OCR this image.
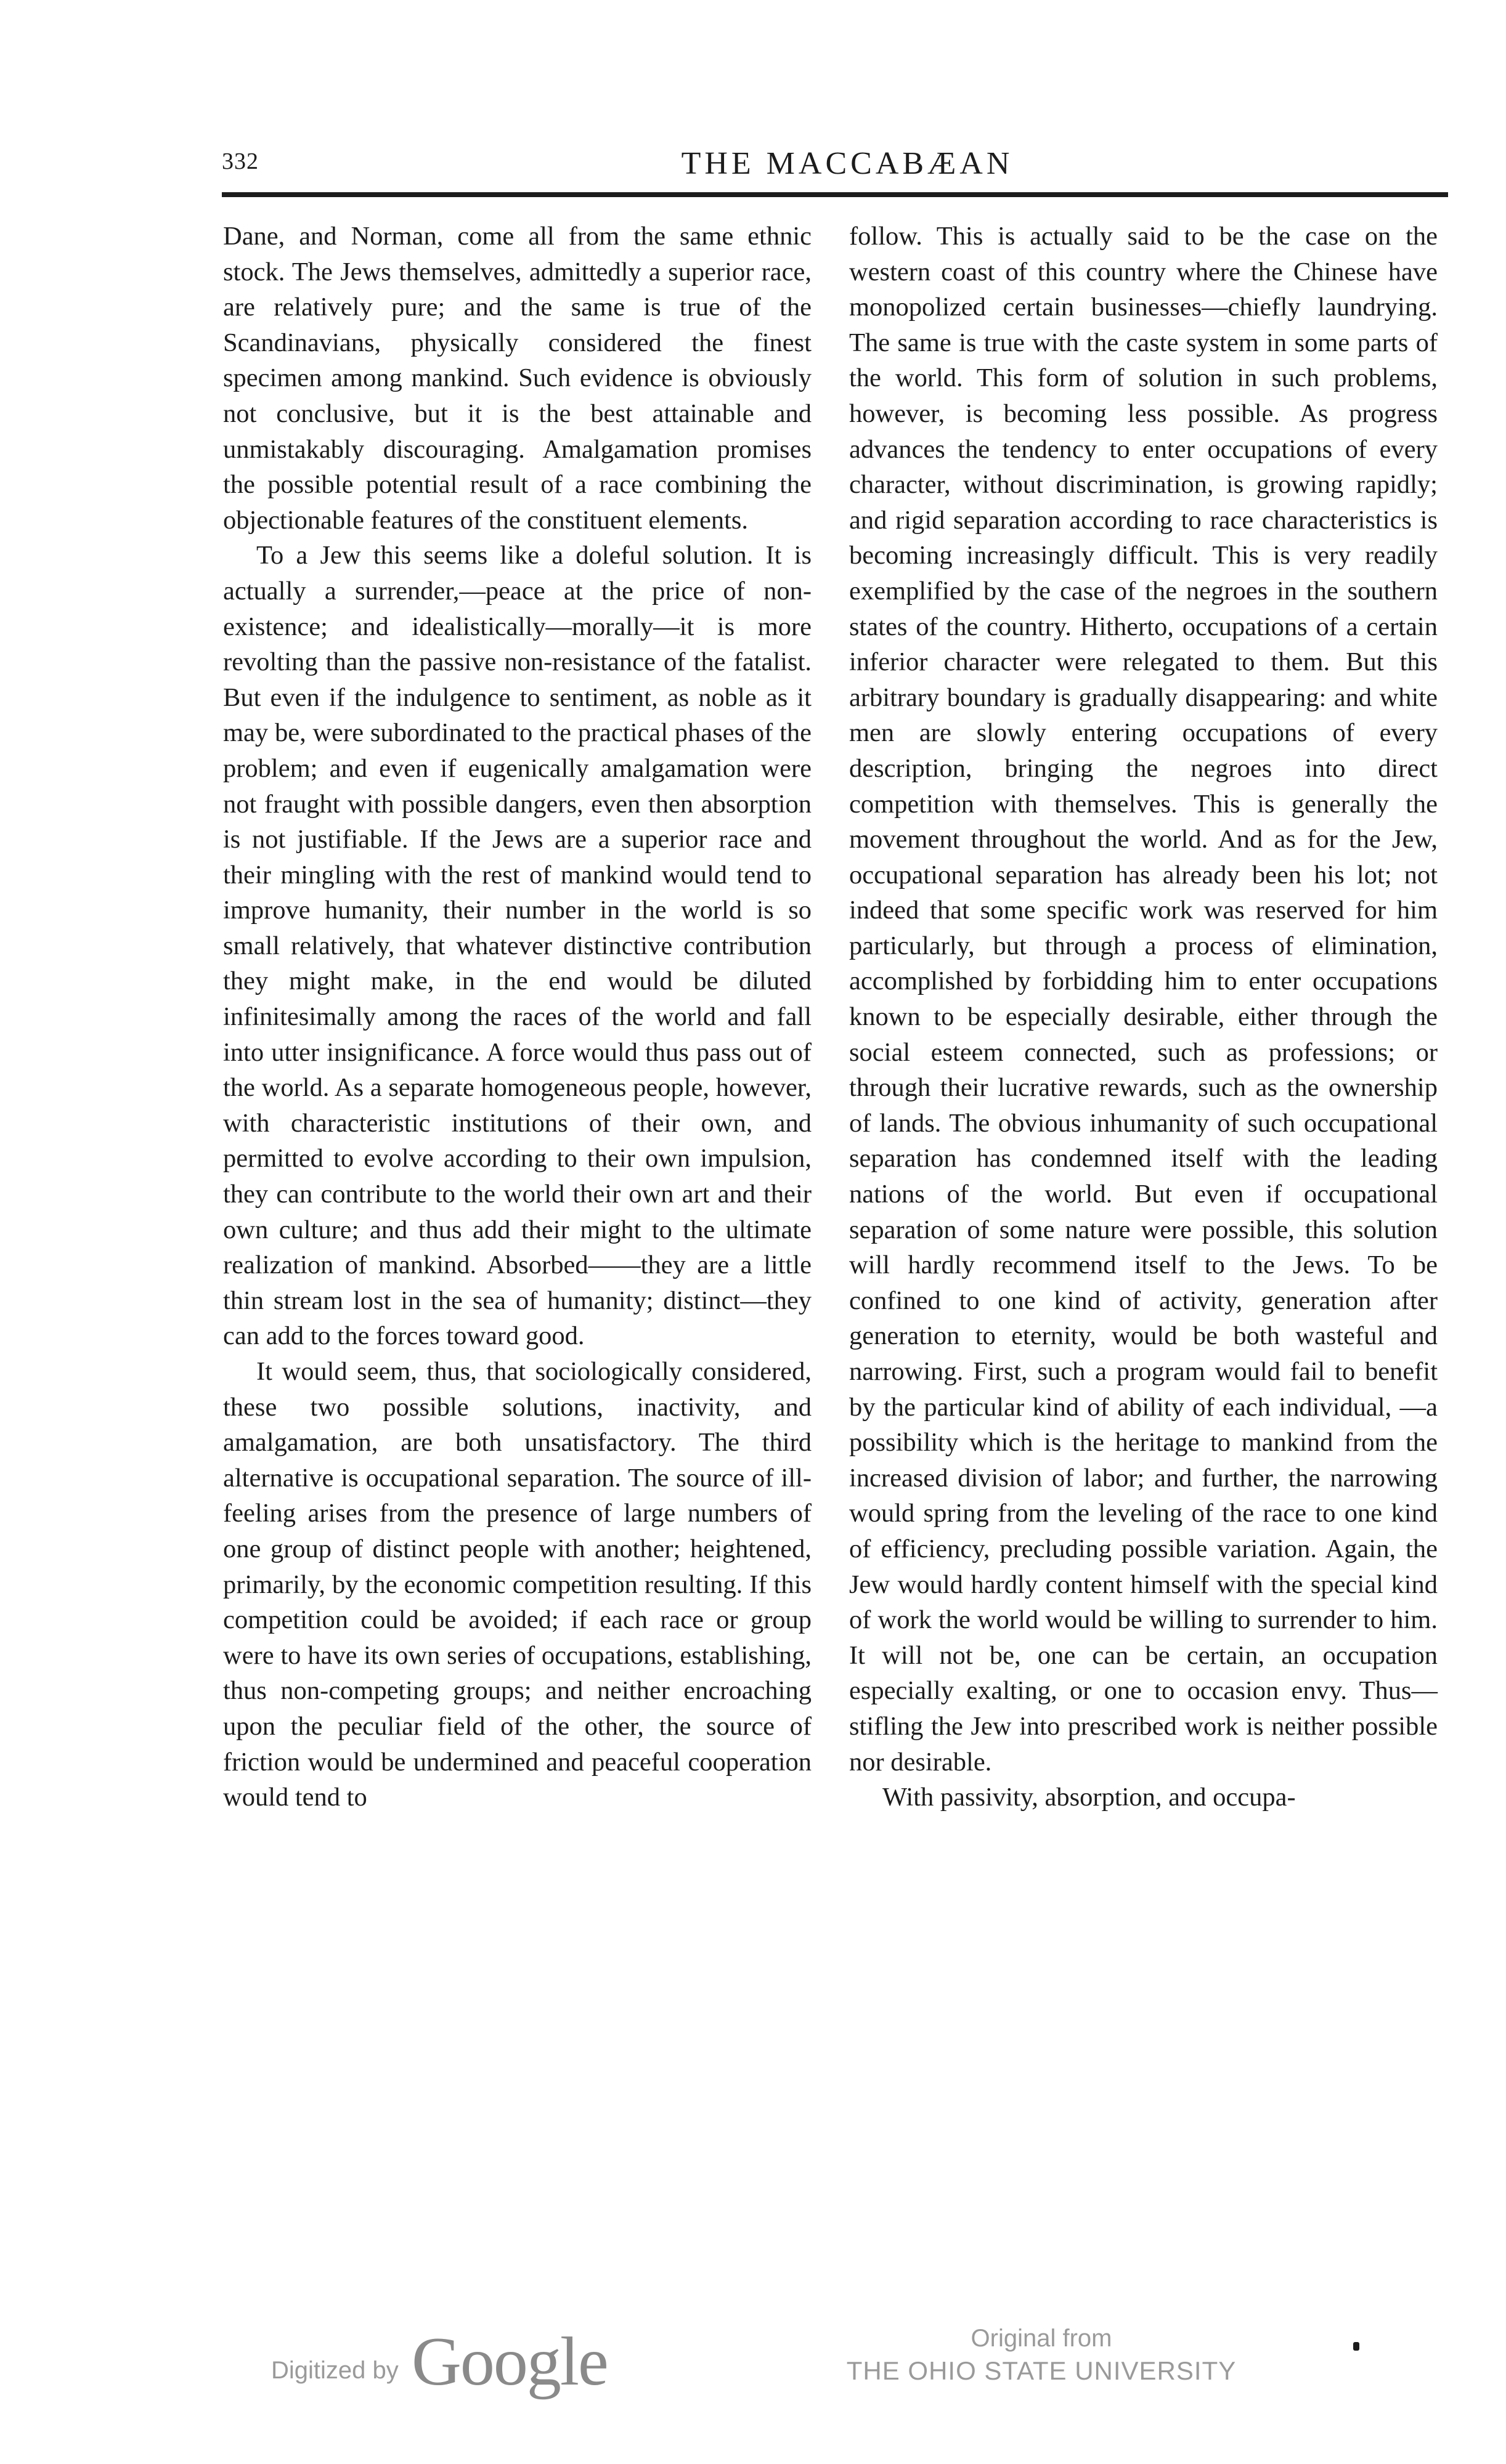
332	THE MACCABÆAN

Dane, and Norman, come all from the same ethnic stock. The Jews themselves, admittedly a superior race, are relatively pure; and the same is true of the Scandinavians, physically considered the finest specimen among mankind. Such evidence is obviously not conclusive, but it is the best attainable and unmistakably discouraging. Amalgamation promises the possible potential result of a race combining the objectionable features of the constituent elements.

To a Jew this seems like a doleful solution. It is actually a surrender,—peace at the price of non-existence; and idealistically—morally—it is more revolting than the passive non-resistance of the fatalist. But even if the indulgence to sentiment, as noble as it may be, were subordinated to the practical phases of the problem; and even if eugenically amalgamation were not fraught with possible dangers, even then absorption is not justifiable. If the Jews are a superior race and their mingling with the rest of mankind would tend to improve humanity, their number in the world is so small relatively, that whatever distinctive contribution they might make, in the end would be diluted infinitesimally among the races of the world and fall into utter insignificance. A force would thus pass out of the world. As a separate homogeneous people, however, with characteristic institutions of their own, and permitted to evolve according to their own impulsion, they can contribute to the world their own art and their own culture; and thus add their might to the ultimate realization of mankind. Absorbed——they are a little thin stream lost in the sea of humanity; distinct—they can add to the forces toward good.

It would seem, thus, that sociologically considered, these two possible solutions, inactivity, and amalgamation, are both unsatisfactory. The third alternative is occupational separation. The source of ill-feeling arises from the presence of large numbers of one group of distinct people with another; heightened, primarily, by the economic competition resulting. If this competition could be avoided; if each race or group were to have its own series of occupations, establishing, thus non-competing groups; and neither encroaching upon the peculiar field of the other, the source of friction would be undermined and peaceful cooperation would tend to

follow. This is actually said to be the case on the western coast of this country where the Chinese have monopolized certain businesses—chiefly laundrying. The same is true with the caste system in some parts of the world. This form of solution in such problems, however, is becoming less possible. As progress advances the tendency to enter occupations of every character, without discrimination, is growing rapidly; and rigid separation according to race characteristics is becoming increasingly difficult. This is very readily exemplified by the case of the negroes in the southern states of the country. Hitherto, occupations of a certain inferior character were relegated to them. But this arbitrary boundary is gradually disappearing: and white men are slowly entering occupations of every description, bringing the negroes into direct competition with themselves. This is generally the movement throughout the world. And as for the Jew, occupational separation has already been his lot; not indeed that some specific work was reserved for him particularly, but through a process of elimination, accomplished by forbidding him to enter occupations known to be especially desirable, either through the social esteem connected, such as professions; or through their lucrative rewards, such as the ownership of lands. The obvious inhumanity of such occupational separation has condemned itself with the leading nations of the world. But even if occupational separation of some nature were possible, this solution will hardly recommend itself to the Jews. To be confined to one kind of activity, generation after generation to eternity, would be both wasteful and narrowing. First, such a program would fail to benefit by the particular kind of ability of each individual, —a possibility which is the heritage to mankind from the increased division of labor; and further, the narrowing would spring from the leveling of the race to one kind of efficiency, precluding possible variation. Again, the Jew would hardly content himself with the special kind of work the world would be willing to surrender to him. It will not be, one can be certain, an occupation especially exalting, or one to occasion envy. Thus—stifling the Jew into prescribed work is neither possible nor desirable.

With passivity, absorption, and occupa-

Digitized by Google	Original from
THE OHIO STATE UNIVERSITY
